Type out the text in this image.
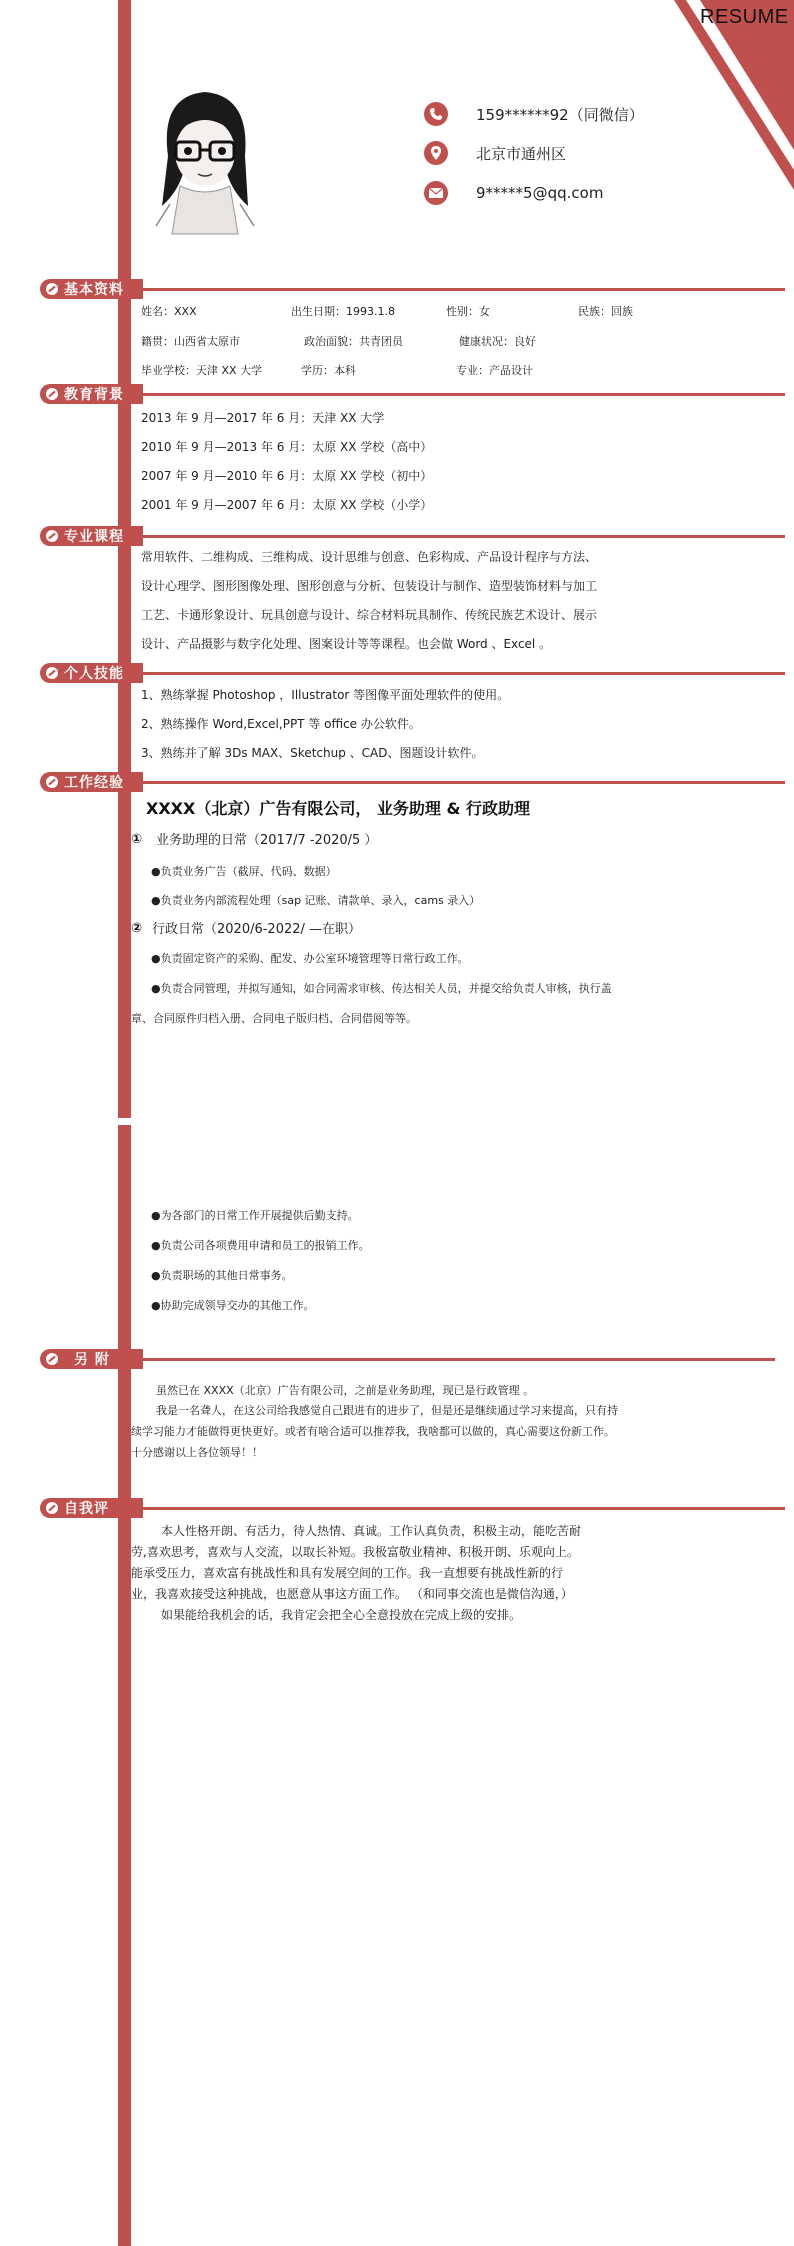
RESUME
159******92（同微信）
北京市通州区
9*****5@qq.com
基本资料
姓名：XXX	出生日期：1993.1.8	性别：女	民族：回族
籍贯：山西省太原市	政治面貌：共青团员	健康状况：良好
毕业学校：天津 XX 大学	学历：本科	专业：产品设计
教育背景
2013 年 9 月—2017 年 6 月：天津 XX 大学
2010 年 9 月—2013 年 6 月：太原 XX 学校（高中）
2007 年 9 月—2010 年 6 月：太原 XX 学校（初中）
2001 年 9 月—2007 年 6 月：太原 XX 学校（小学）
专业课程
常用软件、二维构成、三维构成、设计思维与创意、色彩构成、产品设计程序与方法、
设计心理学、图形图像处理、图形创意与分析、包装设计与制作、造型装饰材料与加工
工艺、卡通形象设计、玩具创意与设计、综合材料玩具制作、传统民族艺术设计、展示
设计、产品摄影与数字化处理、图案设计等等课程。也会做 Word 、Excel 。
个人技能
1、熟练掌握 Photoshop ，Illustrator 等图像平面处理软件的使用。
2、熟练操作 Word,Excel,PPT 等 office 办公软件。
3、熟练并了解 3Ds MAX、Sketchup 、CAD、图题设计软件。
工作经验
XXXX（北京）广告有限公司， 业务助理 & 行政助理
① 业务助理的日常（2017/7 -2020/5 ）
●负责业务广告（截屏、代码、数据）
●负责业务内部流程处理（sap 记账、请款单、录入，cams 录入）
② 行政日常（2020/6-2022/ —在职）
●负责固定资产的采购、配发、办公室环境管理等日常行政工作。
●负责合同管理，并拟写通知，如合同需求审核、传达相关人员，并提交给负责人审核，执行盖
章、合同原件归档入册、合同电子版归档、合同借阅等等。
●为各部门的日常工作开展提供后勤支持。
●负责公司各项费用申请和员工的报销工作。
●负责职场的其他日常事务。
●协助完成领导交办的其他工作。
另 附
虽然已在 XXXX（北京）广告有限公司，之前是业务助理，现已是行政管理 。
我是一名聋人，在这公司给我感觉自己跟进有的进步了，但是还是继续通过学习来提高，只有持
续学习能力才能做得更快更好。或者有啥合适可以推荐我，我啥都可以做的，真心需要这份新工作。
十分感谢以上各位领导！！
自我评
本人性格开朗、有活力，待人热情、真诚。工作认真负责，积极主动，能吃苦耐
劳,喜欢思考，喜欢与人交流，以取长补短。我极富敬业精神、积极开朗、乐观向上。
能承受压力，喜欢富有挑战性和具有发展空间的工作。我一直想要有挑战性新的行
业，我喜欢接受这种挑战，也愿意从事这方面工作。 （和同事交流也是微信沟通，）
如果能给我机会的话，我肯定会把全心全意投放在完成上级的安排。
